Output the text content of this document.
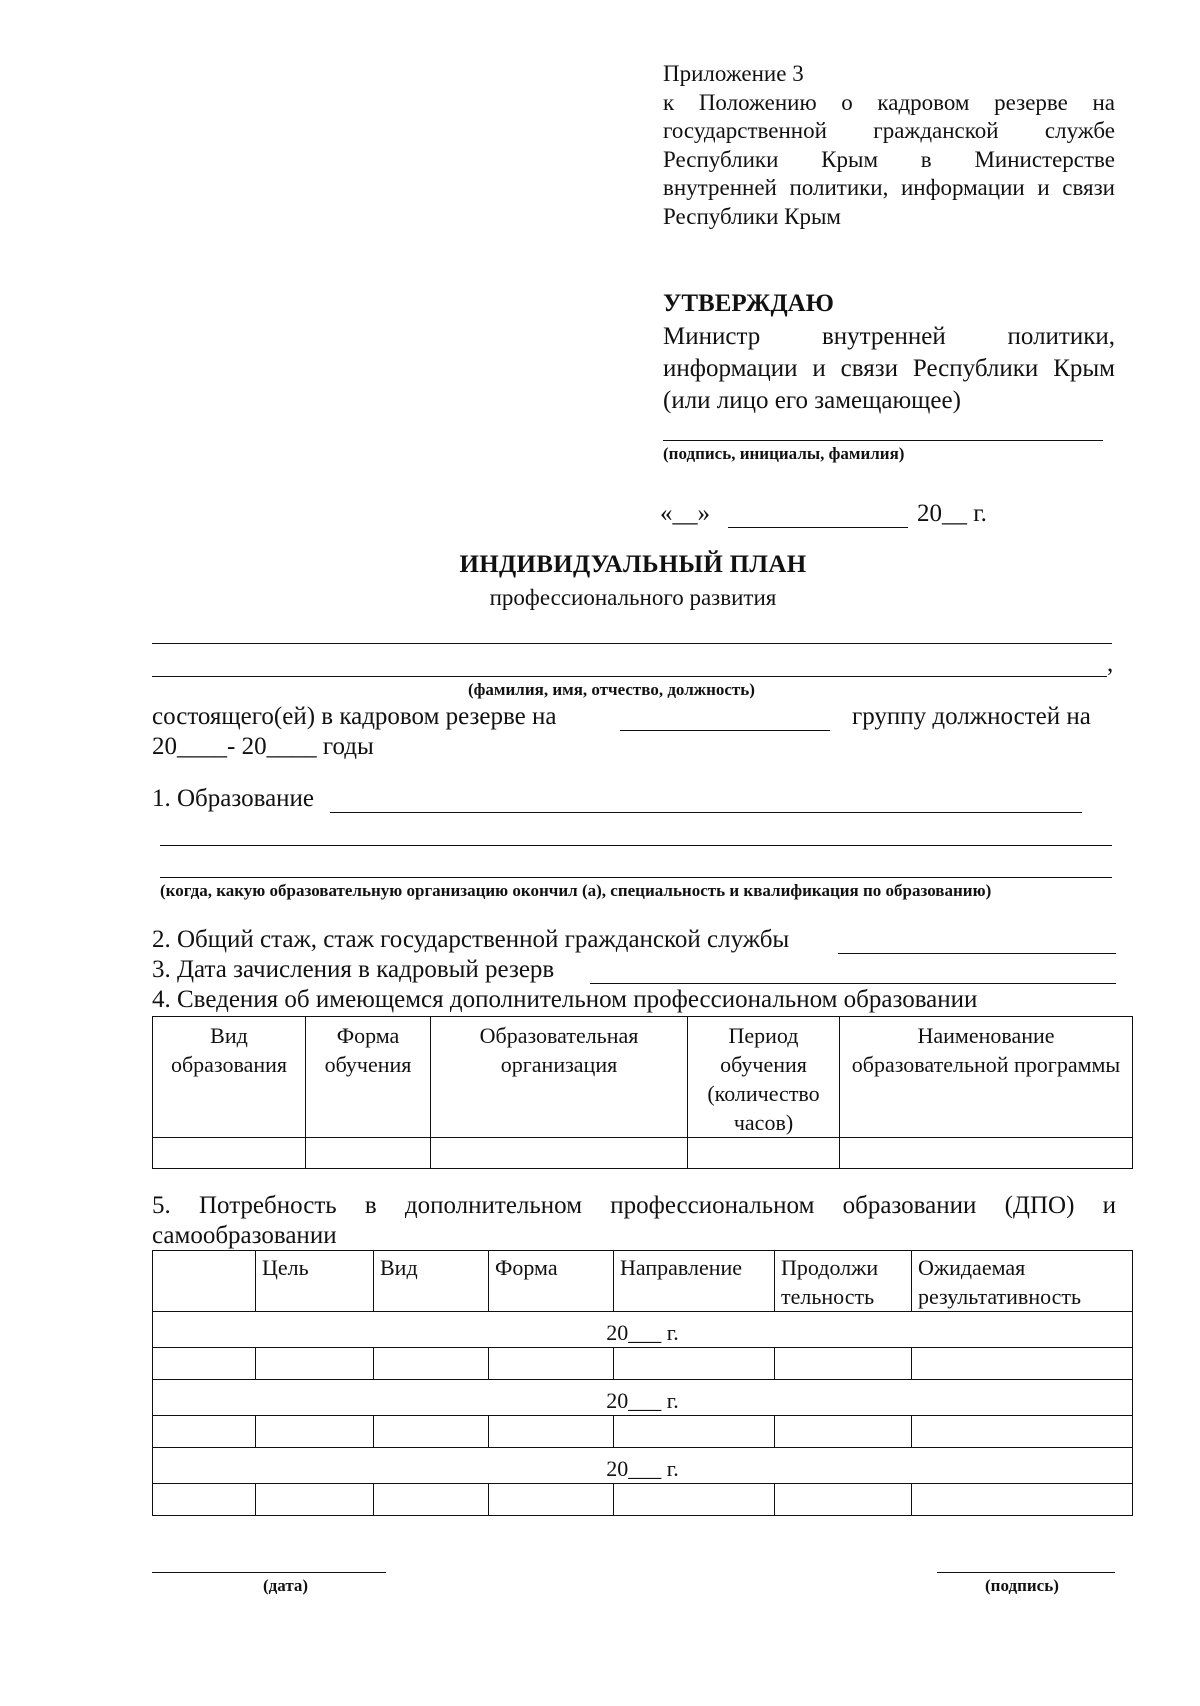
Приложение 3
к Положению о кадровом резерве на
государственной гражданской службе
Республики Крым в Министерстве
внутренней политики, информации и связи
Республики Крым
УТВЕРЖДАЮ
Министр внутренней политики,
информации и связи Республики Крым
(или лицо его замещающее)
(подпись, инициалы, фамилия)
«__»	20__ г.
ИНДИВИДУАЛЬНЫЙ ПЛАН
профессионального развития
,
(фамилия, имя, отчество, должность)
состоящего(ей) в кадровом резерве на	группу должностей на
20____- 20____ годы
1. Образование
(когда, какую образовательную организацию окончил (а), специальность и квалификация по образованию)
2. Общий стаж, стаж государственной гражданской службы
3. Дата зачисления в кадровый резерв
4. Сведения об имеющемся дополнительном профессиональном образовании
Вид образования	Форма обучения	Образовательная организация	Период обучения (количество часов)	Наименование образовательной программы

5. Потребность в дополнительном профессиональном образовании (ДПО) и
самообразовании
	Цель	Вид	Форма	Направление	Продолжи тельность	Ожидаемая результативность
20___ г.						

20___ г.						

20___ г.						

(дата)	(подпись)
